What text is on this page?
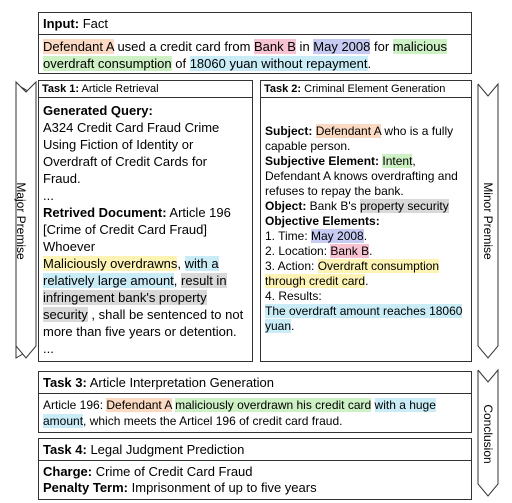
Major Premise	Minor Premise
Conclusion
Input: Fact
Defendant A used a credit card from Bank B in May 2008 for malicious overdraft consumption of 18060 yuan without repayment.
Task 1: Article Retrieval
Generated Query:
A324 Credit Card Fraud Crime Using Fiction of Identity or Overdraft of Credit Cards for Fraud.
...
Retrived Document: Article 196 [Crime of Credit Card Fraud] Whoever
Maliciously overdrawns, with a relatively large amount, result in infringement bank's property security , shall be sentenced to not more than five years or detention.
...
Task 2: Criminal Element Generation
Subject: Defendant A who is a fully capable person.
Subjective Element: Intent, Defendant A knows overdrafting and refuses to repay the bank.
Object: Bank B's property security
Objective Elements:
1. Time: May 2008.
2. Location: Bank B.
3. Action: Overdraft consumption through credit card.
4. Results:
The overdraft amount reaches 18060 yuan.
Task 3: Article Interpretation Generation
Article 196: Defendant A maliciously overdrawn his credit card with a huge amount, which meets the Articel 196 of credit card fraud.
Task 4: Legal Judgment Prediction
Charge: Crime of Credit Card Fraud
Penalty Term: Imprisonment of up to five years
